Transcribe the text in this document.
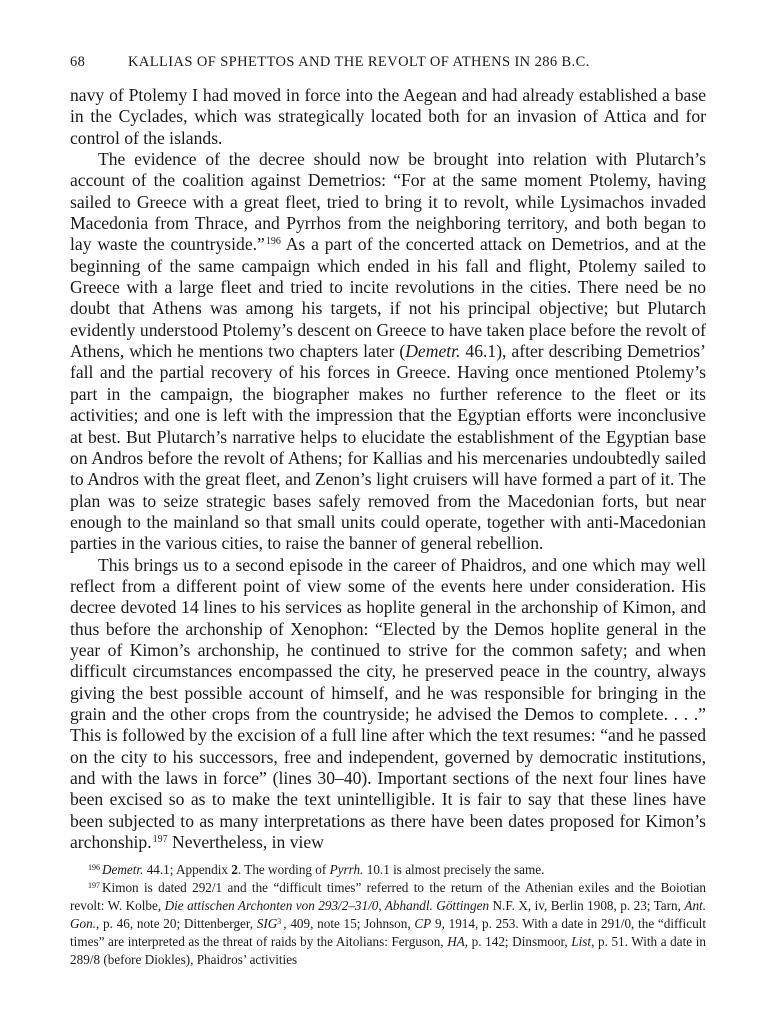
68	KALLIAS OF SPHETTOS AND THE REVOLT OF ATHENS IN 286 B.C.

navy of Ptolemy I had moved in force into the Aegean and had already established a base in the Cyclades, which was strategically located both for an invasion of Attica and for control of the islands.

The evidence of the decree should now be brought into relation with Plutarch’s account of the coalition against Demetrios: “For at the same moment Ptolemy, having sailed to Greece with a great fleet, tried to bring it to revolt, while Lysimachos invaded Macedonia from Thrace, and Pyrrhos from the neighboring territory, and both began to lay waste the countryside.”$^{196}$ As a part of the concerted attack on Demetrios, and at the beginning of the same campaign which ended in his fall and flight, Ptolemy sailed to Greece with a large fleet and tried to incite revolutions in the cities. There need be no doubt that Athens was among his targets, if not his principal objective; but Plutarch evidently understood Ptolemy’s descent on Greece to have taken place before the revolt of Athens, which he mentions two chapters later (Demetr. 46.1), after describing Demetrios’ fall and the partial recovery of his forces in Greece. Having once mentioned Ptolemy’s part in the campaign, the biographer makes no further reference to the fleet or its activities; and one is left with the impression that the Egyptian efforts were inconclusive at best. But Plutarch’s narrative helps to elucidate the establishment of the Egyptian base on Andros before the revolt of Athens; for Kallias and his mercenaries undoubtedly sailed to Andros with the great fleet, and Zenon’s light cruisers will have formed a part of it. The plan was to seize strategic bases safely removed from the Macedonian forts, but near enough to the mainland so that small units could operate, together with anti-Macedonian parties in the various cities, to raise the banner of general rebellion.

This brings us to a second episode in the career of Phaidros, and one which may well reflect from a different point of view some of the events here under consideration. His decree devoted 14 lines to his services as hoplite general in the archonship of Kimon, and thus before the archonship of Xenophon: “Elected by the Demos hoplite general in the year of Kimon’s archonship, he continued to strive for the common safety; and when difficult circumstances encompassed the city, he preserved peace in the country, always giving the best possible account of himself, and he was responsible for bringing in the grain and the other crops from the countryside; he advised the Demos to complete. . . .” This is followed by the excision of a full line after which the text resumes: “and he passed on the city to his successors, free and independent, governed by democratic institutions, and with the laws in force” (lines 30–40). Important sections of the next four lines have been excised so as to make the text unintelligible. It is fair to say that these lines have been subjected to as many interpretations as there have been dates proposed for Kimon’s archonship.$^{197}$ Nevertheless, in view

$^{196}$ Demetr. 44.1; Appendix 2. The wording of Pyrrh. 10.1 is almost precisely the same.

$^{197}$ Kimon is dated 292/1 and the “difficult times” referred to the return of the Athenian exiles and the Boiotian revolt: W. Kolbe, Die attischen Archonten von 293/2–31/0, Abhandl. Göttingen N.F. X, iv, Berlin 1908, p. 23; Tarn, Ant. Gon., p. 46, note 20; Dittenberger, SIG$^3$ , 409, note 15; Johnson, CP 9, 1914, p. 253. With a date in 291/0, the “difficult times” are interpreted as the threat of raids by the Aitolians: Ferguson, HA, p. 142; Dinsmoor, List, p. 51. With a date in 289/8 (before Diokles), Phaidros’ activities
